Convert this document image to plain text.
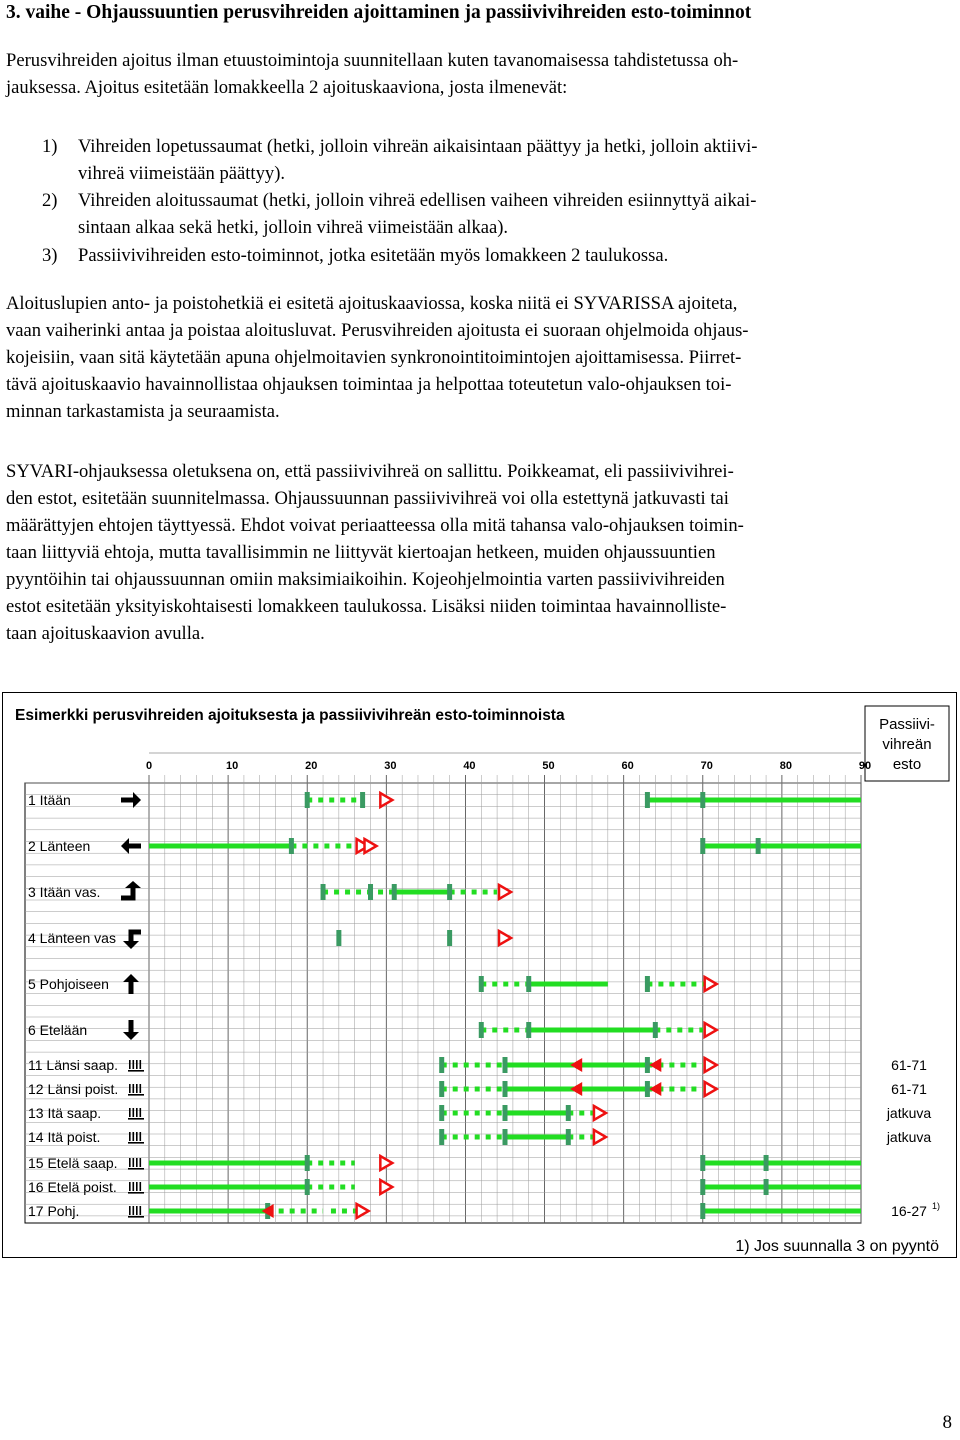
3. vaihe - Ohjaussuuntien perusvihreiden ajoittaminen ja passiivivihreiden esto-toiminnot
Perusvihreiden ajoitus ilman etuustoimintoja suunnitellaan kuten tavanomaisessa tahdistetussa oh-
jauksessa. Ajoitus esitetään lomakkeella 2 ajoituskaaviona, josta ilmenevät:
1) Vihreiden lopetussaumat (hetki, jolloin vihreän aikaisintaan päättyy ja hetki, jolloin aktiivi-
vihreä viimeistään päättyy).
2) Vihreiden aloitussaumat (hetki, jolloin vihreä edellisen vaiheen vihreiden esiinnyttyä aikai-
sintaan alkaa sekä hetki, jolloin vihreä viimeistään alkaa).
3) Passiivivihreiden esto-toiminnot, jotka esitetään myös lomakkeen 2 taulukossa.
Aloituslupien anto- ja poistohetkiä ei esitetä ajoituskaaviossa, koska niitä ei SYVARISSA ajoiteta,
vaan vaiherinki antaa ja poistaa aloitusluvat. Perusvihreiden ajoitusta ei suoraan ohjelmoida ohjaus-
kojeisiin, vaan sitä käytetään apuna ohjelmoitavien synkronointitoimintojen ajoittamisessa. Piirret-
tävä ajoituskaavio havainnollistaa ohjauksen toimintaa ja helpottaa toteutetun valo-ohjauksen toi-
minnan tarkastamista ja seuraamista.
SYVARI-ohjauksessa oletuksena on, että passiivivihreä on sallittu. Poikkeamat, eli passiivivihrei-
den estot, esitetään suunnitelmassa. Ohjaussuunnan passiivivihreä voi olla estettynä jatkuvasti tai
määrättyjen ehtojen täyttyessä. Ehdot voivat periaatteessa olla mitä tahansa valo-ohjauksen toimin-
taan liittyviä ehtoja, mutta tavallisimmin ne liittyvät kiertoajan hetkeen, muiden ohjaussuuntien
pyyntöihin tai ohjaussuunnan omiin maksimiaikoihin. Kojeohjelmointia varten passiivivihreiden
estot esitetään yksityiskohtaisesti lomakkeen taulukossa. Lisäksi niiden toimintaa havainnolliste-
taan ajoituskaavion avulla.
Esimerkki perusvihreiden ajoituksesta ja passiivivihreän esto-toiminnoista
Passiivi-
vihreän
esto
0	10	20	30	40	50	60	70	80	90
1 Itään
2 Länteen
3 Itään vas.
4 Länteen vas
5 Pohjoiseen
6 Etelään
11 Länsi saap.	61-71
12 Länsi poist.	61-71
13 Itä saap.	jatkuva
14 Itä poist.	jatkuva
15 Etelä saap.
16 Etelä poist.
17 Pohj.	16-27 1)
1) Jos suunnalla 3 on pyyntö
8
